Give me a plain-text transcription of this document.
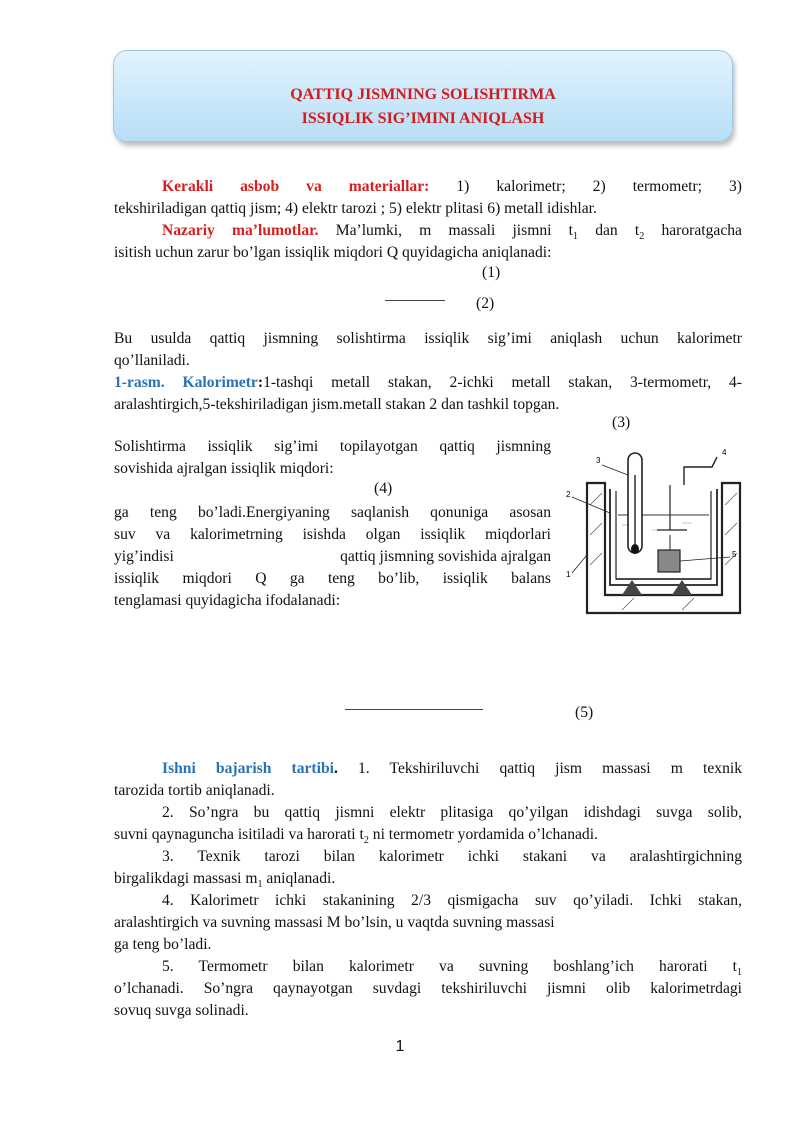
QATTIQ JISMNING SOLISHTIRMA
ISSIQLIK SIG’IMINI ANIQLASH
Kerakli asbob va materiallar: 1) kalorimetr; 2) termometr; 3)
tekshiriladigan qattiq jism; 4) elektr tarozi ; 5) elektr plitasi 6) metall idishlar.
Nazariy ma’lumotlar. Ma’lumki, m massali jismni $t_1$ dan $t_2$ haroratgacha
isitish uchun zarur bo’lgan issiqlik miqdori Q quyidagicha aniqlanadi:
(1)
(2)
Bu usulda qattiq jismning solishtirma issiqlik sig’imi aniqlash uchun kalorimetr
qo’llaniladi.
1-rasm. Kalorimetr:1-tashqi metall stakan, 2-ichki metall stakan, 3-termometr, 4-
aralashtirgich,5-tekshiriladigan jism.metall stakan 2 dan tashkil topgan.
(3)
Solishtirma issiqlik sig’imi topilayotgan qattiq jismning
sovishida ajralgan issiqlik miqdori:
(4)
ga teng bo’ladi.Energiyaning saqlanish qonuniga asosan
suv va kalorimetrning isishda olgan issiqlik miqdorlari
yig’indisi	qattiq jismning sovishida ajralgan
issiqlik miqdori Q ga teng bo’lib, issiqlik balans
tenglamasi quyidagicha ifodalanadi:
3
4
2
1
5
(5)
Ishni bajarish tartibi. 1. Tekshiriluvchi qattiq jism massasi m texnik
tarozida tortib aniqlanadi.
2. So’ngra bu qattiq jismni elektr plitasiga qo’yilgan idishdagi suvga solib,
suvni qaynaguncha isitiladi va harorati $t_2$ ni termometr yordamida o’lchanadi.
3. Texnik tarozi bilan kalorimetr ichki stakani va aralashtirgichning
birgalikdagi massasi $m_1$ aniqlanadi.
4. Kalorimetr ichki stakanining 2/3 qismigacha suv qo’yiladi. Ichki stakan,
aralashtirgich va suvning massasi M bo’lsin, u vaqtda suvning massasi
ga teng bo’ladi.
5. Termometr bilan kalorimetr va suvning boshlang’ich harorati $t_1$
o’lchanadi. So’ngra qaynayotgan suvdagi tekshiriluvchi jismni olib kalorimetrdagi
sovuq suvga solinadi.
1
